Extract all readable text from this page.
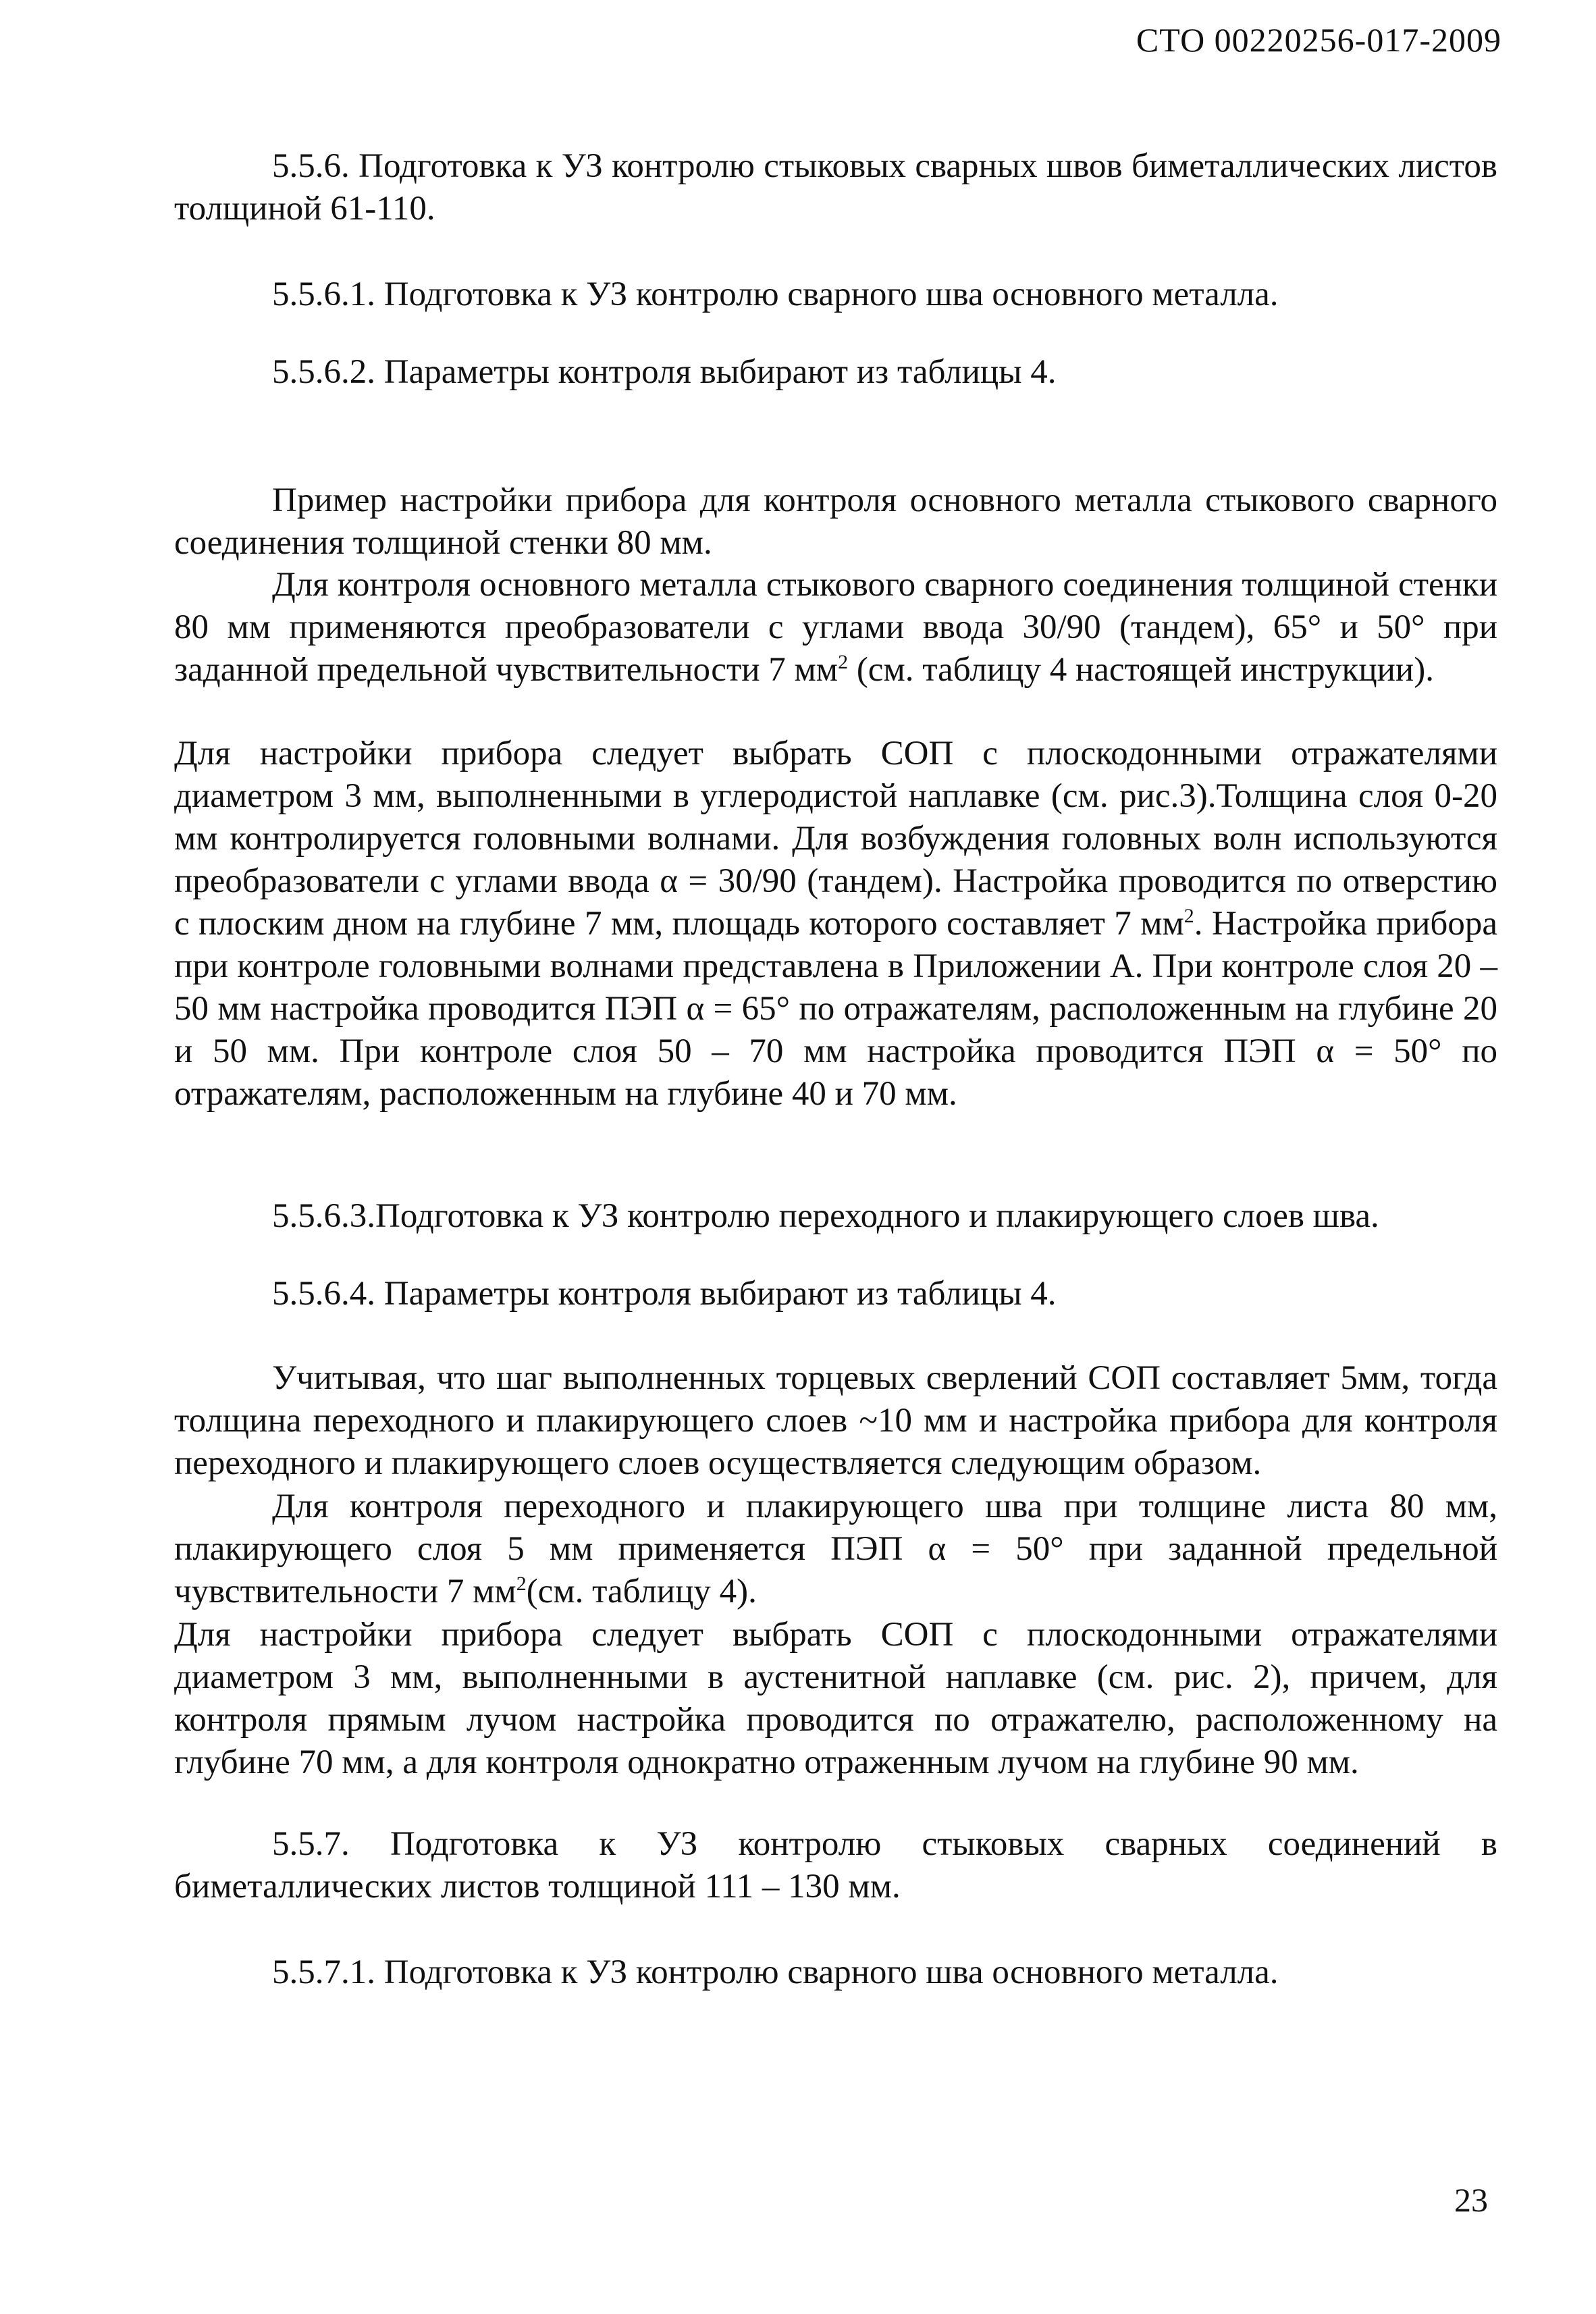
СТО 00220256-017-2009

5.5.6. Подготовка к УЗ контролю стыковых сварных швов биметаллических листов толщиной 61-110.

5.5.6.1. Подготовка к УЗ контролю сварного шва основного металла.

5.5.6.2. Параметры контроля выбирают из таблицы 4.

Пример настройки прибора для контроля основного металла стыкового сварного соединения толщиной стенки 80 мм.

Для контроля основного металла стыкового сварного соединения толщиной стенки 80 мм применяются преобразователи с углами ввода 30/90 (тандем), 65° и 50° при заданной предельной чувствительности 7 $мм^2$ (см. таблицу 4 настоящей инструкции).

Для настройки прибора следует выбрать СОП с плоскодонными отражателями диаметром 3 мм, выполненными в углеродистой наплавке (см. рис.3).Толщина слоя 0-20 мм контролируется головными волнами. Для возбуждения головных волн используются преобразователи с углами ввода α = 30/90 (тандем). Настройка проводится по отверстию с плоским дном на глубине 7 мм, площадь которого составляет 7 $мм^2$. Настройка прибора при контроле головными волнами представлена в Приложении А. При контроле слоя 20 – 50 мм настройка проводится ПЭП α = 65° по отражателям, расположенным на глубине 20 и 50 мм. При контроле слоя 50 – 70 мм настройка проводится ПЭП α = 50° по отражателям, расположенным на глубине 40 и 70 мм.

5.5.6.3.Подготовка к УЗ контролю переходного и плакирующего слоев шва.

5.5.6.4. Параметры контроля выбирают из таблицы 4.

Учитывая, что шаг выполненных торцевых сверлений СОП составляет 5мм, тогда толщина переходного и плакирующего слоев ~10 мм и настройка прибора для контроля переходного и плакирующего слоев осуществляется следующим образом.

Для контроля переходного и плакирующего шва при толщине листа 80 мм, плакирующего слоя 5 мм применяется ПЭП α = 50° при заданной предельной чувствительности 7 $мм^2(см$. таблицу 4).

Для настройки прибора следует выбрать СОП с плоскодонными отражателями диаметром 3 мм, выполненными в аустенитной наплавке (см. рис. 2), причем, для контроля прямым лучом настройка проводится по отражателю, расположенному на глубине 70 мм, а для контроля однократно отраженным лучом на глубине 90 мм.

5.5.7. Подготовка к УЗ контролю стыковых сварных соединений в биметаллических листов толщиной 111 – 130 мм.

5.5.7.1. Подготовка к УЗ контролю сварного шва основного металла.

23
